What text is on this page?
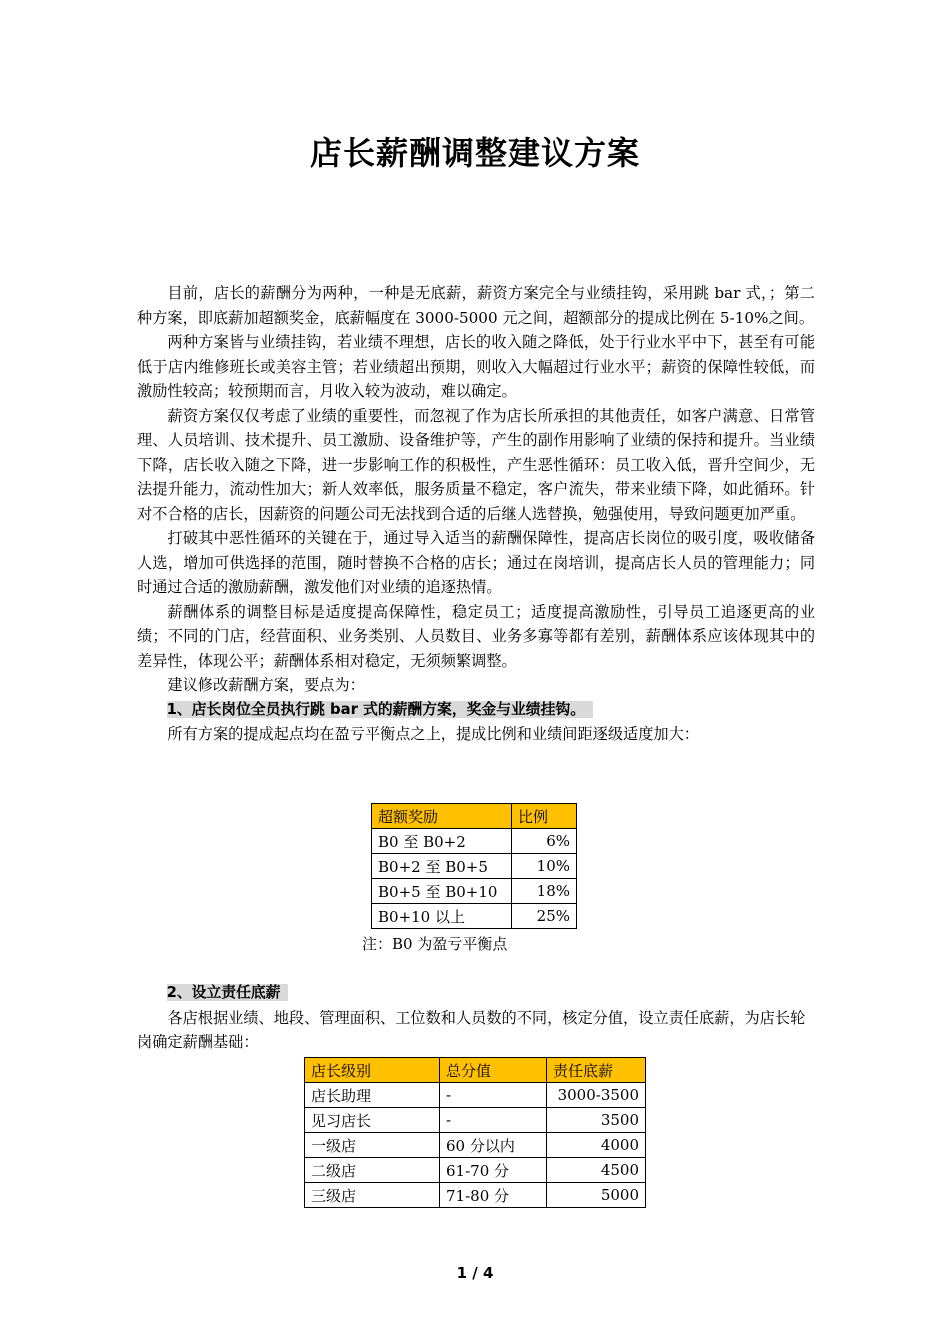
店长薪酬调整建议方案

目前，店长的薪酬分为两种，一种是无底薪，薪资方案完全与业绩挂钩，采用跳 bar 式，；第二种方案，即底薪加超额奖金，底薪幅度在 3000-5000 元之间，超额部分的提成比例在 5-10%之间。

两种方案皆与业绩挂钩，若业绩不理想，店长的收入随之降低，处于行业水平中下，甚至有可能低于店内维修班长或美容主管；若业绩超出预期，则收入大幅超过行业水平；薪资的保障性较低，而激励性较高；较预期而言，月收入较为波动，难以确定。

薪资方案仅仅考虑了业绩的重要性，而忽视了作为店长所承担的其他责任，如客户满意、日常管理、人员培训、技术提升、员工激励、设备维护等，产生的副作用影响了业绩的保持和提升。当业绩下降，店长收入随之下降，进一步影响工作的积极性，产生恶性循环：员工收入低，晋升空间少，无法提升能力，流动性加大；新人效率低，服务质量不稳定，客户流失，带来业绩下降，如此循环。针对不合格的店长，因薪资的问题公司无法找到合适的后继人选替换，勉强使用，导致问题更加严重。

打破其中恶性循环的关键在于，通过导入适当的薪酬保障性，提高店长岗位的吸引度，吸收储备人选，增加可供选择的范围，随时替换不合格的店长；通过在岗培训，提高店长人员的管理能力；同时通过合适的激励薪酬，激发他们对业绩的追逐热情。

薪酬体系的调整目标是适度提高保障性，稳定员工；适度提高激励性，引导员工追逐更高的业绩；不同的门店，经营面积、业务类别、人员数目、业务多寡等都有差别，薪酬体系应该体现其中的差异性，体现公平；薪酬体系相对稳定，无须频繁调整。

建议修改薪酬方案，要点为：

1、店长岗位全员执行跳 bar 式的薪酬方案，奖金与业绩挂钩。

所有方案的提成起点均在盈亏平衡点之上，提成比例和业绩间距逐级适度加大：

超额奖励	比例
B0 至 B0+2	6%
B0+2 至 B0+5	10%
B0+5 至 B0+10	18%
B0+10 以上	25%
注：B0 为盈亏平衡点

2、设立责任底薪

各店根据业绩、地段、管理面积、工位数和人员数的不同，核定分值，设立责任底薪，为店长轮岗确定薪酬基础：

店长级别	总分值	责任底薪
店长助理	-	3000-3500
见习店长	-	3500
一级店	60 分以内	4000
二级店	61-70 分	4500
三级店	71-80 分	5000
1 / 4
